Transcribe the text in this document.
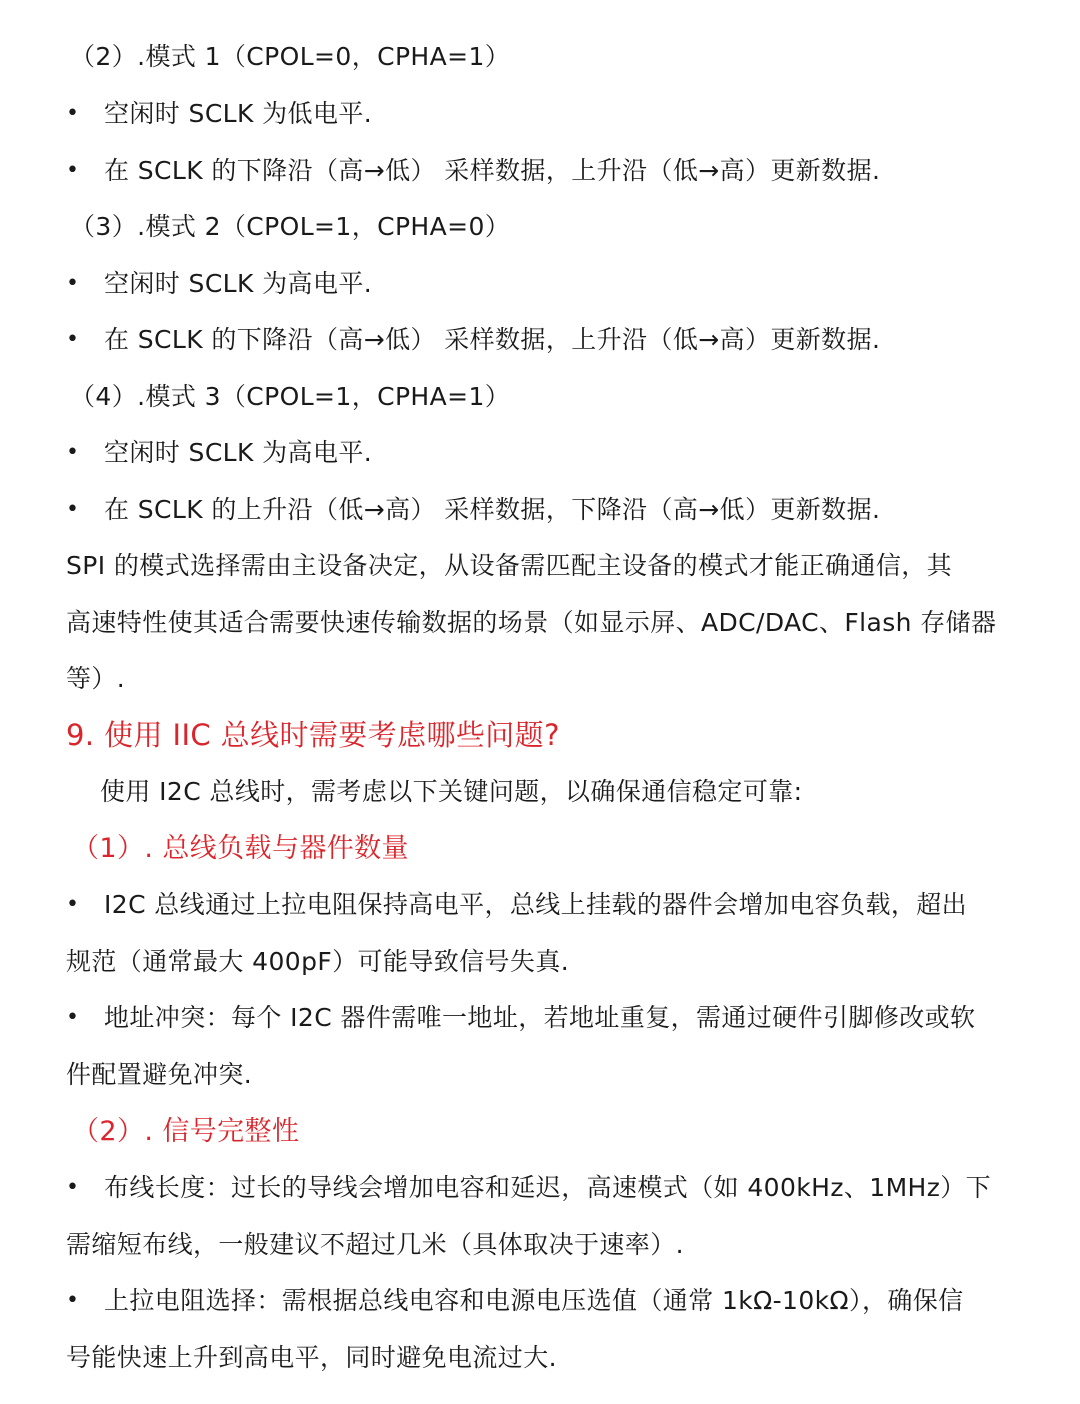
（2）.模式 1（CPOL=0，CPHA=1）
• 空闲时 SCLK 为低电平.
• 在 SCLK 的下降沿（高→低） 采样数据，上升沿（低→高）更新数据.
（3）.模式 2（CPOL=1，CPHA=0）
• 空闲时 SCLK 为高电平.
• 在 SCLK 的下降沿（高→低） 采样数据，上升沿（低→高）更新数据.
（4）.模式 3（CPOL=1，CPHA=1）
• 空闲时 SCLK 为高电平.
• 在 SCLK 的上升沿（低→高） 采样数据，下降沿（高→低）更新数据.
SPI 的模式选择需由主设备决定，从设备需匹配主设备的模式才能正确通信，其
高速特性使其适合需要快速传输数据的场景（如显示屏、ADC/DAC、Flash 存储器
等）.
9. 使用 IIC 总线时需要考虑哪些问题?
使用 I2C 总线时，需考虑以下关键问题，以确保通信稳定可靠:
（1）. 总线负载与器件数量
• I2C 总线通过上拉电阻保持高电平，总线上挂载的器件会增加电容负载，超出
规范（通常最大 400pF）可能导致信号失真.
• 地址冲突：每个 I2C 器件需唯一地址，若地址重复，需通过硬件引脚修改或软
件配置避免冲突.
（2）. 信号完整性
• 布线长度：过长的导线会增加电容和延迟，高速模式（如 400kHz、1MHz）下
需缩短布线，一般建议不超过几米（具体取决于速率）.
• 上拉电阻选择：需根据总线电容和电源电压选值（通常 1kΩ-10kΩ），确保信
号能快速上升到高电平，同时避免电流过大.
